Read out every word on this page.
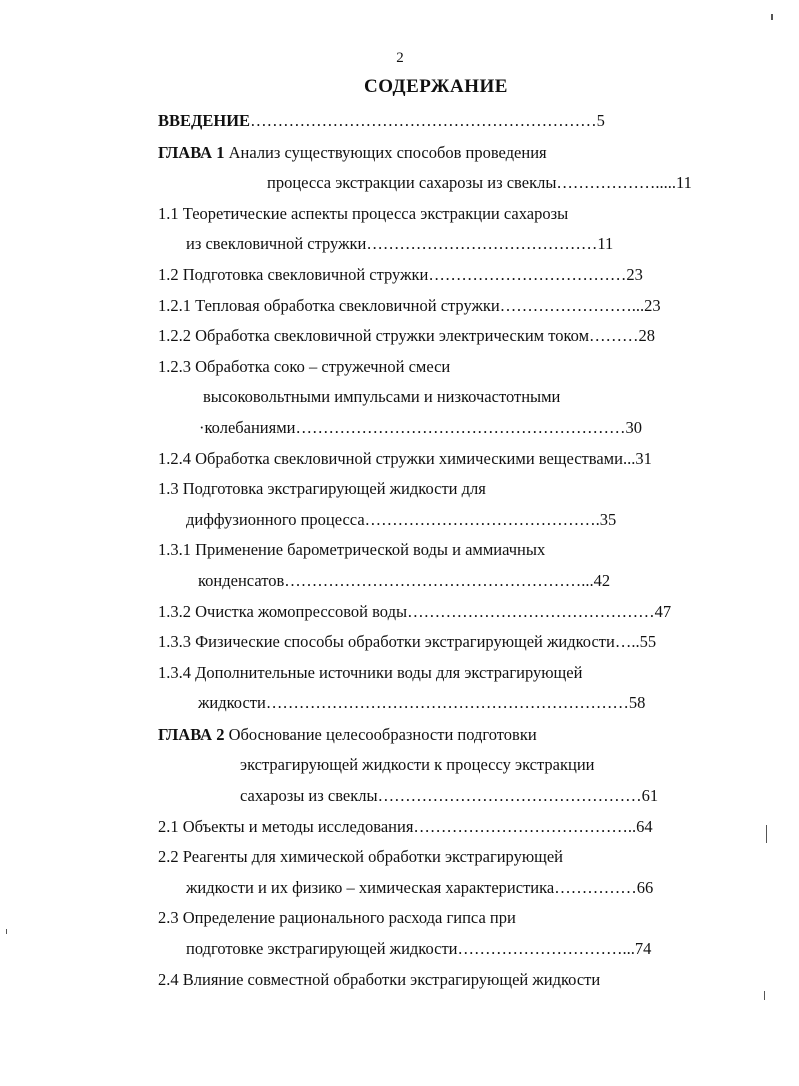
2
СОДЕРЖАНИЕ
ВВЕДЕНИЕ………………………………………………………5
ГЛАВА 1 Анализ существующих способов проведения
процесса экстракции сахарозы из свеклы……………….....11
1.1 Теоретические аспекты процесса экстракции сахарозы
из свекловичной стружки……………………………………11
1.2 Подготовка свекловичной стружки………………………………23
1.2.1 Тепловая обработка свекловичной стружки……………………...23
1.2.2 Обработка свекловичной стружки электрическим током………28
1.2.3 Обработка соко – стружечной смеси
высоковольтными импульсами и низкочастотными
·колебаниями……………………………………………………30
1.2.4 Обработка свекловичной стружки химическими веществами...31
1.3 Подготовка экстрагирующей жидкости для
диффузионного процесса…………………………………….35
1.3.1 Применение барометрической воды и аммиачных
конденсатов………………………………………………...42
1.3.2 Очистка жомопрессовой воды………………………………………47
1.3.3 Физические способы обработки экстрагирующей жидкости…..55
1.3.4 Дополнительные источники воды для экстрагирующей
жидкости…………………………………………………………58
ГЛАВА 2 Обоснование целесообразности подготовки
экстрагирующей жидкости к процессу экстракции
сахарозы из свеклы…………………………………………61
2.1 Объекты и методы исследования…………………………………..64
2.2 Реагенты для химической обработки экстрагирующей
жидкости и их физико – химическая характеристика……………66
2.3 Определение рационального расхода гипса при
подготовке экстрагирующей жидкости…………………………...74
2.4 Влияние совместной обработки экстрагирующей жидкости
